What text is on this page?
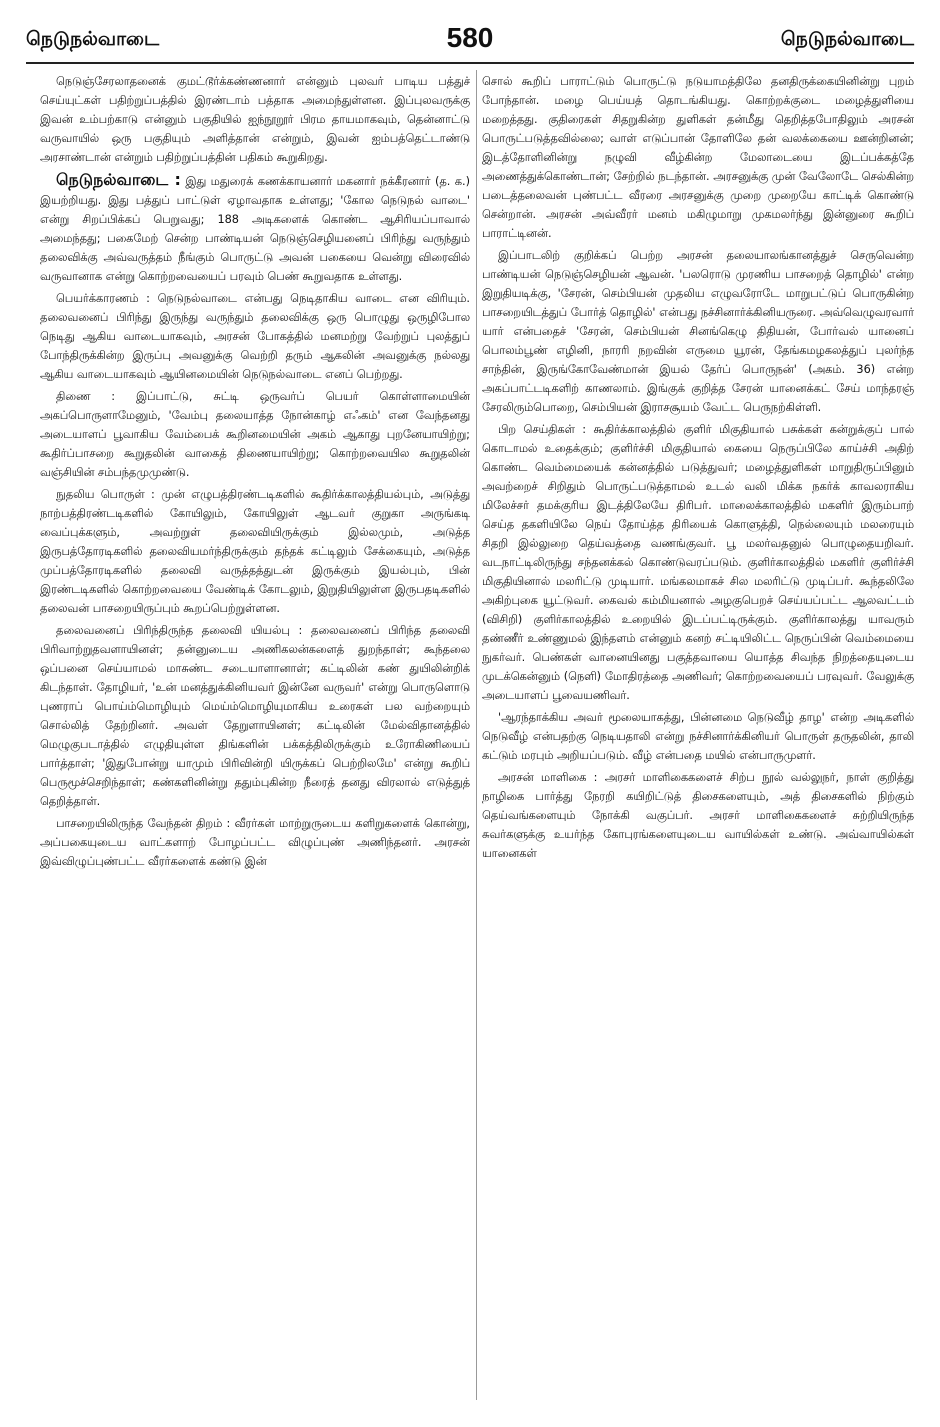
நெடுநல்வாடை	580	நெடுநல்வாடை

நெடுஞ்சேரலாதனைக் குமட்டூர்க்கண்ணனார் என்னும் புலவர் பாடிய பத்துச் செய்யுட்கள் பதிற்றுப்பத்தில் இரண்டாம் பத்தாக அமைந்துள்ளன. இப்புலவருக்கு இவன் உம்பற்காடு என்னும் பகுதியில் ஐந்நூறூர் பிரம தாயமாகவும், தென்னாட்டு வருவாயில் ஒரு பகுதியும் அளித்தான் என்றும், இவன் ஐம்பத்தெட்டாண்டு அரசாண்டான் என்றும் பதிற்றுப்பத்தின் பதிகம் கூறுகிறது.

நெடுநல்வாடை : இது மதுரைக் கணக்காயனார் மகனார் நக்கீரனார் (த. க.) இயற்றியது. இது பத்துப் பாட்டுள் ஏழாவதாக உள்ளது; 'கோல நெடுநல் வாடை' என்று சிறப்பிக்கப் பெறுவது; 188 அடிகளைக் கொண்ட ஆசிரியப்பாவால் அமைந்தது; பகைமேற் சென்ற பாண்டியன் நெடுஞ்செழியனைப் பிரிந்து வருந்தும் தலைவிக்கு அவ்வருத்தம் நீங்கும் பொருட்டு அவன் பகையை வென்று விரைவில் வருவானாக என்று கொற்றவையைப் பரவும் பெண் கூறுவதாக உள்ளது.

பெயர்க்காரணம் : நெடுநல்வாடை என்பது நெடிதாகிய வாடை என விரியும். தலைவனைப் பிரிந்து இருந்து வருந்தும் தலைவிக்கு ஒரு பொழுது ஒருழிபோல நெடிது ஆகிய வாடையாகவும், அரசன் போகத்தில் மனமற்று வேற்றுப் புலத்துப் போந்திருக்கின்ற இருப்பு அவனுக்கு வெற்றி தரும் ஆகலின் அவனுக்கு நல்லது ஆகிய வாடையாகவும் ஆயினமையின் நெடுநல்வாடை எனப் பெற்றது.

திணை : இப்பாட்டு, சுட்டி ஒருவர்ப் பெயர் கொள்ளாமையின் அகப்பொருளாமேனும், 'வேம்பு தலையாத்த நோன்காழ் எஃகம்' என வேந்தனது அடையாளப் பூவாகிய வேம்பைக் கூறினமையின் அகம் ஆகாது புறனேயாயிற்று; கூதிர்ப்பாசறை கூறுதலின் வாகைத் திணையாயிற்று; கொற்றவையில கூறுதலின் வஞ்சியின் சம்பந்தமுமுண்டு.

நுதலிய பொருள் : முன் எழுபத்திரண்டடிகளில் கூதிர்க்காலத்தியல்பும், அடுத்து நாற்பத்திரண்டடிகளில் கோயிலும், கோயிலுள் ஆடவர் குறுகா அருங்கடி வைப்புக்களும், அவற்றுள் தலைவியிருக்கும் இல்லமும், அடுத்த இருபத்தோரடிகளில் தலைவியமர்ந்திருக்கும் தந்தக் கட்டிலும் சேக்கையும், அடுத்த முப்பத்தோரடிகளில் தலைவி வருத்தத்துடன் இருக்கும் இயல்பும், பின் இரண்டடிகளில் கொற்றவையை வேண்டிக் கோடலும், இறுதியிலுள்ள இருபதடிகளில் தலைவன் பாசறையிருப்பும் கூறப்பெற்றுள்ளன.

தலைவனைப் பிரிந்திருந்த தலைவி யியல்பு : தலைவனைப் பிரிந்த தலைவி பிரிவாற்றுதவளாயினள்; தன்னுடைய அணிகலன்களைத் துறந்தாள்; கூந்தலை ஒப்பனை செய்யாமல் மாசுண்ட சடையாளானாள்; கட்டிலின் கண் துயிலின்றிக் கிடந்தாள். தோழியர், 'உன் மனத்துக்கினியவர் இன்னே வருவர்' என்று பொருளொடு புணராப் பொய்ம்மொழியும் மெய்ம்மொழியுமாகிய உரைகள் பல வற்றையும் சொல்லித் தேற்றினர். அவள் தேறுளாயினள்; கட்டிலின் மேல்விதானத்தில் மெழுகுபடாத்தில் எழுதியுள்ள திங்களின் பக்கத்திலிருக்கும் உரோகிணியைப் பார்த்தாள்; 'இதுபோன்று யாமும் பிரிவின்றி யிருக்கப் பெற்றிலமே' என்று கூறிப் பெருமூச்செறிந்தாள்; கண்களினின்று ததும்புகின்ற நீரைத் தனது விரலால் எடுத்துத் தெறித்தாள்.

பாசறையிலிருந்த வேந்தன் திறம் : வீரர்கள் மாற்றுருடைய களிறுகளைக் கொன்று, அப்பகையுடைய வாட்களாற் போழப்பட்ட விழுப்புண் அணிந்தனர். அரசன் இவ்விழுப்புண்பட்ட வீரர்களைக் கண்டு இன்

சொல் கூறிப் பாராட்டும் பொருட்டு நடுயாமத்திலே தனதிருக்கையினின்று புறம் போந்தான். மழை பெய்யத் தொடங்கியது. கொற்றக்குடை மழைத்துளியை மறைத்தது. குதிரைகள் சிதறுகின்ற துளிகள் தன்மீது தெறித்தபோதிலும் அரசன் பொருட்படுத்தவில்லை; வாள் எடுப்பான் தோளிலே தன் வலக்கையை ஊன்றினன்; இடத்தோளினின்று நழுவி வீழ்கின்ற மேலாடையை இடப்பக்கத்தே அணைத்துக்கொண்டான்; சேற்றில் நடந்தான். அரசனுக்கு முன் வேலோடே செல்கின்ற படைத்தலைவன் புண்பட்ட வீரரை அரசனுக்கு முறை முறையே காட்டிக் கொண்டு சென்றான். அரசன் அவ்வீரர் மனம் மகிழுமாறு முகமலர்ந்து இன்னுரை கூறிப் பாராட்டினன்.

இப்பாடலிற் குறிக்கப் பெற்ற அரசன் தலையாலங்கானத்துச் செருவென்ற பாண்டியன் நெடுஞ்செழியன் ஆவன். 'பலரொடு முரணிய பாசறைத் தொழில்' என்ற இறுதியடிக்கு, 'சேரன், செம்பியன் முதலிய எழுவரோடே மாறுபட்டுப் பொருகின்ற பாசறையிடத்துப் போர்த் தொழில்' என்பது நச்சினார்க்கினியருரை. அவ்வெழுவரவார் யார் என்பதைச் 'சேரன், செம்பியன் சினங்கெழு திதியன், போர்வல் யானைப் பொலம்பூண் எழினி, நாரரி நறவின் எருமை யூரன், தேங்கமழகலத்துப் புலர்ந்த சாந்தின், இருங்கோவேண்மான் இயல் தேர்ப் பொருநன்' (அகம். 36) என்ற அகப்பாட்டடிகளிற் காணலாம். இங்குக் குறித்த சேரன் யானைக்கட் சேய் மாந்தரஞ் சேரலிரும்பொறை, செம்பியன் இராசசூயம் வேட்ட பெருநற்கிள்ளி.

பிற செய்திகள் : கூதிர்க்காலத்தில் குளிர் மிகுதியால் பசுக்கள் கன்றுக்குப் பால் கொடாமல் உதைக்கும்; குளிர்ச்சி மிகுதியால் கையை நெருப்பிலே காய்ச்சி அதிற் கொண்ட வெம்மையைக் கன்னத்தில் படுத்துவர்; மழைத்துளிகள் மாறுதிருப்பினும் அவற்றைச் சிறிதும் பொருட்படுத்தாமல் உடல் வலி மிக்க நகர்க் காவலராகிய மிலேச்சர் தமக்குரிய இடத்திலேயே திரிபர். மாலைக்காலத்தில் மகளிர் இரும்பாற் செய்த தகளியிலே நெய் தோய்த்த திரியைக் கொளுத்தி, நெல்லையும் மலரையும் சிதறி இல்லுறை தெய்வத்தை வணங்குவர். பூ மலர்வதனுல் பொழுதையறிவர். வடநாட்டிலிருந்து சந்தனக்கல் கொண்டுவரப்படும். குளிர்காலத்தில் மகளிர் குளிர்ச்சி மிகுதியினால் மலரிட்டு முடியார். மங்கலமாகச் சில மலரிட்டு முடிப்பர். கூந்தலிலே அகிற்புகை யூட்டுவர். கைவல் கம்மியனால் அழகுபெறச் செய்யப்பட்ட ஆலவட்டம் (விசிறி) குளிர்காலத்தில் உறையில் இடப்பட்டிருக்கும். குளிர்காலத்து யாவரும் தண்ணீர் உண்ணுமல் இந்தளம் என்னும் கனற் சட்டியிலிட்ட நெருப்பின் வெம்மையை நுகர்வர். பெண்கள் வானையினது பகுத்தவாயை யொத்த சிவந்த நிறத்தையுடைய முடக்கென்னும் (நெளி) மோதிரத்தை அணிவர்; கொற்றவையைப் பரவுவர். வேலுக்கு அடையாளப் பூவையணிவர்.

'ஆரந்தாக்கிய அவர் மூலையாகத்து, பின்னமை நெடுவீழ் தாழ' என்ற அடிகளில் நெடுவீழ் என்பதற்கு நெடியதாலி என்று நச்சினார்க்கினியர் பொருள் தருதலின், தாலி கட்டும் மரபும் அறியப்படும். வீழ் என்பதை மயில் என்பாருமுளர்.

அரசன் மாளிகை : அரசர் மாளிகைகளைச் சிற்ப நூல் வல்லுநர், நாள் குறித்து நாழிகை பார்த்து நேரறி கயிறிட்டுத் திசைகளையும், அத் திசைகளில் நிற்கும் தெய்வங்களையும் நோக்கி வகுப்பர். அரசர் மாளிகைகளைச் சுற்றியிருந்த சுவர்களுக்கு உயர்ந்த கோபுரங்களையுடைய வாயில்கள் உண்டு. அவ்வாயில்கள் யானைகள்
